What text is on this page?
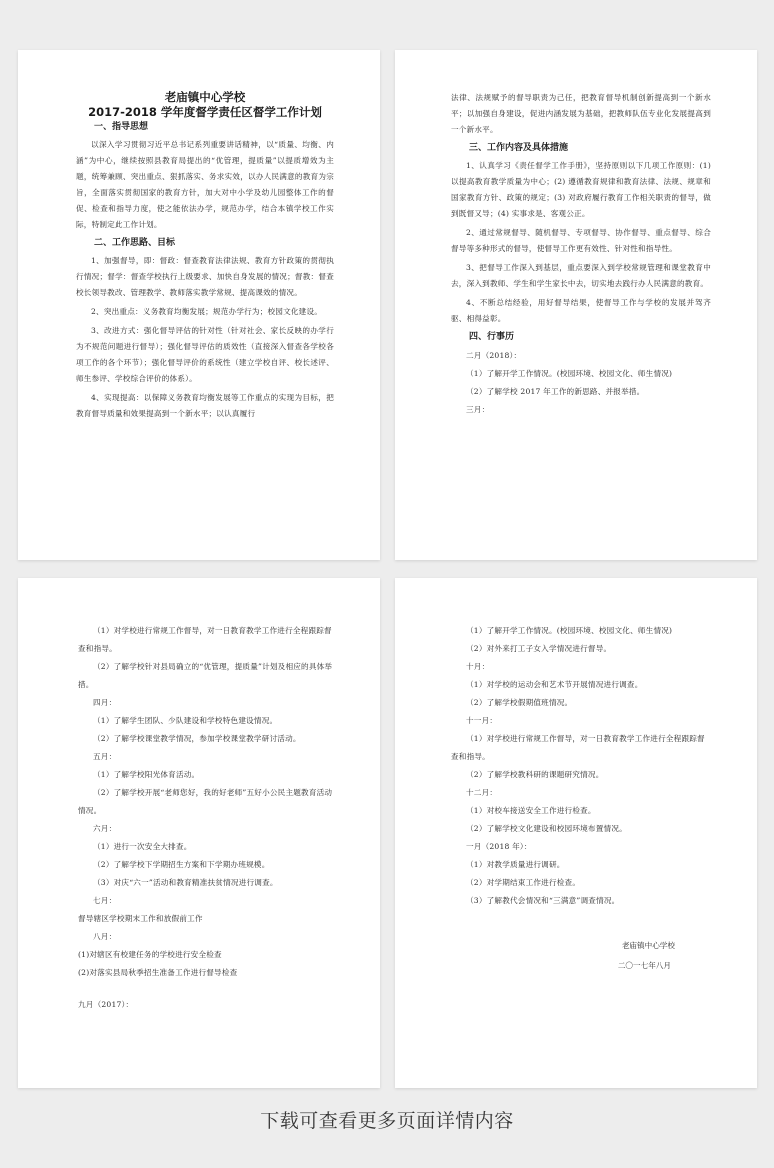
老庙镇中心学校

2017-2018 学年度督学责任区督学工作计划

一、指导思想

以深入学习贯彻习近平总书记系列重要讲话精神，以“质量、均衡、内涵”为中心，继续按照县教育局提出的“优管理，提质量”以提质增效为主题，统筹兼顾、突出重点、狠抓落实、务求实效，以办人民满意的教育为宗旨，全面落实贯彻国家的教育方针，加大对中小学及幼儿园整体工作的督促、检查和指导力度，使之能依法办学，规范办学，结合本镇学校工作实际，特制定此工作计划。

二、工作思路、目标

1、加强督导，即：督政：督查教育法律法规、教育方针政策的贯彻执行情况；督学：督查学校执行上级要求、加快自身发展的情况；督教：督查校长领导教改、管理教学、教师落实教学常规、提高课效的情况。

2、突出重点：义务教育均衡发展；规范办学行为；校园文化建设。

3、改进方式：强化督导评估的针对性（针对社会、家长反映的办学行为不规范问题进行督导）；强化督导评估的质效性（直接深入督查各学校各项工作的各个环节）；强化督导评价的系统性（建立学校自评、校长述评、师生参评、学校综合评价的体系）。

4、实现提高：以保障义务教育均衡发展等工作重点的实现为目标，把教育督导质量和效果提高到一个新水平；以认真履行

法律、法规赋予的督导职责为己任，把教育督导机制创新提高到一个新水平；以加强自身建设，促进内涵发展为基础，把教师队伍专业化发展提高到一个新水平。

三、工作内容及具体措施

1、认真学习《责任督学工作手册》，坚持原则以下几项工作原则：(1) 以提高教育教学质量为中心；(2) 遵循教育规律和教育法律、法规、规章和国家教育方针、政策的规定；(3) 对政府履行教育工作相关职责的督导，做到既督又导；(4) 实事求是、客观公正。

2、通过常规督导、随机督导、专项督导、协作督导、重点督导、综合督导等多种形式的督导，使督导工作更有效性、针对性和指导性。

3、把督导工作深入到基层，重点要深入到学校常规管理和课堂教育中去，深入到教师、学生和学生家长中去，切实地去践行办人民满意的教育。

4、不断总结经验，用好督导结果，使督导工作与学校的发展并驾齐驱、相得益彰。

四、行事历

二月（2018）：

（1）了解开学工作情况。(校园环境、校园文化、师生情况)

（2）了解学校 2017 年工作的新思路、并报举措。

三月：

（1）对学校进行常规工作督导，对一日教育教学工作进行全程跟踪督查和指导。

（2）了解学校针对县局确立的“优管理，提质量”计划及相应的具体举措。

四月：

（1）了解学生团队、少队建设和学校特色建设情况。

（2）了解学校课堂教学情况，参加学校课堂教学研讨活动。

五月：

（1）了解学校阳光体育活动。

（2）了解学校开展“老师您好，我的好老师”五好小公民主题教育活动情况。

六月：

（1）进行一次安全大排查。

（2）了解学校下学期招生方案和下学期办班规模。

（3）对庆“六一”活动和教育精准扶贫情况进行调查。

七月：

督导辖区学校期末工作和放假前工作

八月：

(1)对辖区有校建任务的学校进行安全检查

(2)对落实县局秋季招生准备工作进行督导检查

九月（2017）：

（1）了解开学工作情况。(校园环境、校园文化、师生情况)

（2）对外来打工子女入学情况进行督导。

十月：

（1）对学校的运动会和艺术节开展情况进行调查。

（2）了解学校假期值班情况。

十一月：

（1）对学校进行常规工作督导，对一日教育教学工作进行全程跟踪督查和指导。

（2）了解学校教科研的课题研究情况。

十二月：

（1）对校车接送安全工作进行检查。

（2）了解学校文化建设和校园环境布置情况。

一月（2018 年）：

（1）对教学质量进行调研。

（2）对学期结束工作进行检查。

（3）了解教代会情况和“三满意”调查情况。

老庙镇中心学校

二〇一七年八月

下载可查看更多页面详情内容
